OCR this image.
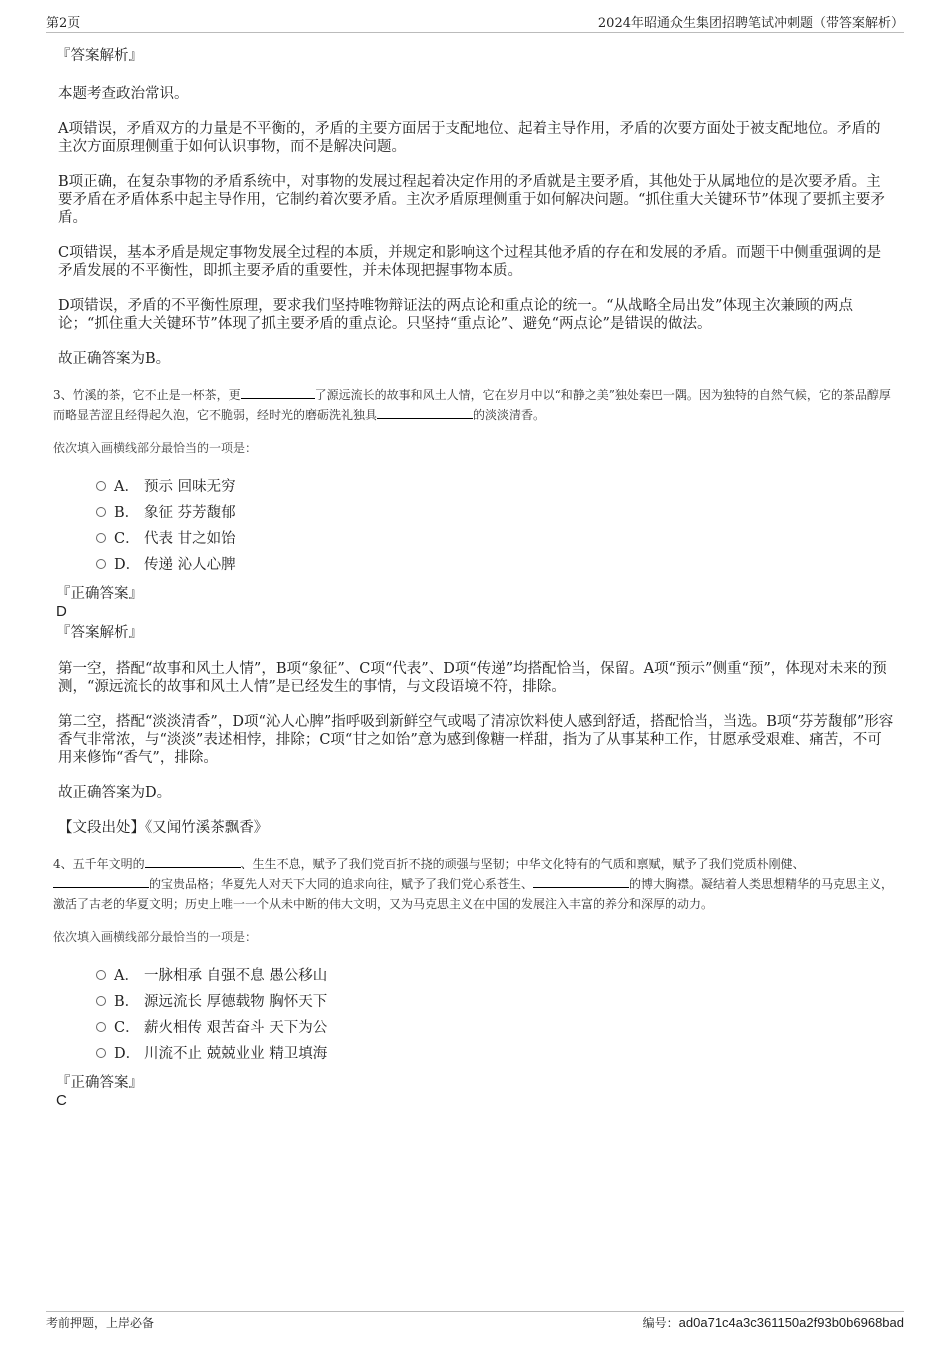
第2页	2024年昭通众生集团招聘笔试冲刺题（带答案解析）
『答案解析』
本题考查政治常识。
A项错误，矛盾双方的力量是不平衡的，矛盾的主要方面居于支配地位、起着主导作用，矛盾的次要方面处于被支配地位。矛盾的主次方面原理侧重于如何认识事物，而不是解决问题。
B项正确，在复杂事物的矛盾系统中，对事物的发展过程起着决定作用的矛盾就是主要矛盾，其他处于从属地位的是次要矛盾。主要矛盾在矛盾体系中起主导作用，它制约着次要矛盾。主次矛盾原理侧重于如何解决问题。“抓住重大关键环节”体现了要抓主要矛盾。
C项错误，基本矛盾是规定事物发展全过程的本质，并规定和影响这个过程其他矛盾的存在和发展的矛盾。而题干中侧重强调的是矛盾发展的不平衡性，即抓主要矛盾的重要性，并未体现把握事物本质。
D项错误，矛盾的不平衡性原理，要求我们坚持唯物辩证法的两点论和重点论的统一。“从战略全局出发”体现主次兼顾的两点论；“抓住重大关键环节”体现了抓主要矛盾的重点论。只坚持“重点论”、避免“两点论”是错误的做法。
故正确答案为B。
3、竹溪的茶，它不止是一杯茶，更	了源远流长的故事和风土人情，它在岁月中以“和静之美”独处秦巴一隅。因为独特的自然气候，它的茶品醇厚而略显苦涩且经得起久泡，它不脆弱，经时光的磨砺洗礼独具	的淡淡清香。
依次填入画横线部分最恰当的一项是：
A． 预示 回味无穷
B． 象征 芬芳馥郁
C． 代表 甘之如饴
D． 传递 沁人心脾
『正确答案』
D
『答案解析』
第一空，搭配“故事和风土人情”，B项“象征”、C项“代表”、D项“传递”均搭配恰当，保留。A项“预示”侧重“预”，体现对未来的预测，“源远流长的故事和风土人情”是已经发生的事情，与文段语境不符，排除。
第二空，搭配“淡淡清香”，D项“沁人心脾”指呼吸到新鲜空气或喝了清凉饮料使人感到舒适，搭配恰当，当选。B项“芬芳馥郁”形容香气非常浓，与“淡淡”表述相悖，排除；C项“甘之如饴”意为感到像糖一样甜，指为了从事某种工作，甘愿承受艰难、痛苦，不可用来修饰“香气”，排除。
故正确答案为D。
【文段出处】《又闻竹溪茶飘香》
4、五千年文明的	、生生不息，赋予了我们党百折不挠的顽强与坚韧；中华文化特有的气质和禀赋，赋予了我们党质朴刚健、的宝贵品格；华夏先人对天下大同的追求向往，赋予了我们党心系苍生、	的博大胸襟。凝结着人类思想精华的马克思主义，激活了古老的华夏文明；历史上唯一一个从未中断的伟大文明，又为马克思主义在中国的发展注入丰富的养分和深厚的动力。
依次填入画横线部分最恰当的一项是：
A． 一脉相承 自强不息 愚公移山
B． 源远流长 厚德载物 胸怀天下
C． 薪火相传 艰苦奋斗 天下为公
D． 川流不止 兢兢业业 精卫填海
『正确答案』
C
考前押题，上岸必备	编号：ad0a71c4a3c361150a2f93b0b6968bad
